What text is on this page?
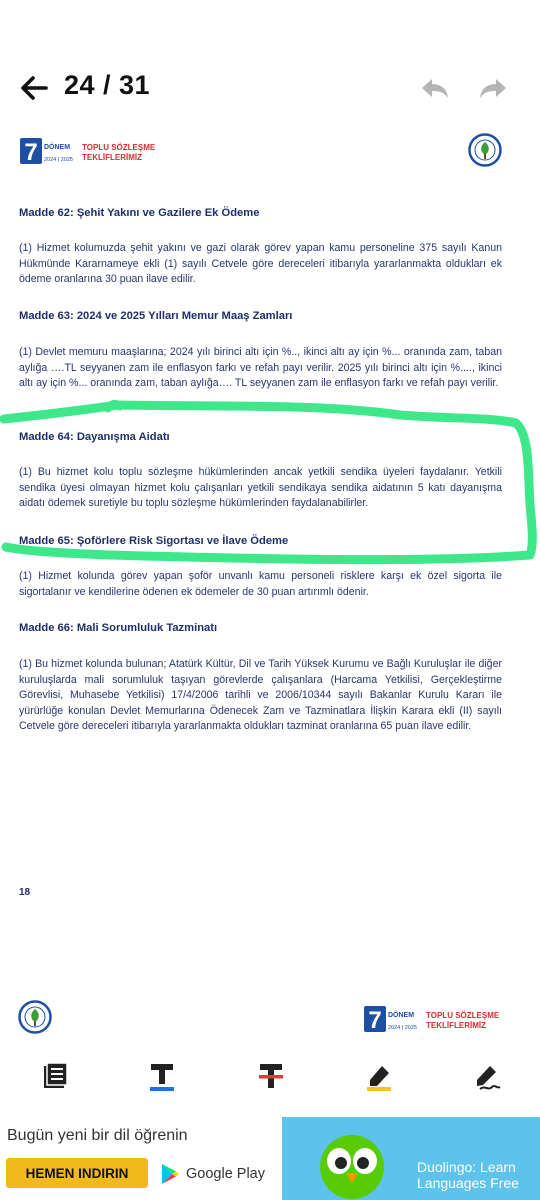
24 / 31
7 DÖNEM
2024 | 2025
TOPLU SÖZLEŞME
TEKLİFLERİMİZ
Madde 62: Şehit Yakını ve Gazilere Ek Ödeme
(1) Hizmet kolumuzda şehit yakını ve gazi olarak görev yapan kamu personeline 375 sayılı Kanun Hükmünde Kararnameye ekli (1) sayılı Cetvele göre dereceleri itibarıyla yararlanmakta oldukları ek ödeme oranlarına 30 puan ilave edilir.
Madde 63: 2024 ve 2025 Yılları Memur Maaş Zamları
(1) Devlet memuru maaşlarına; 2024 yılı birinci altı için %.., ikinci altı ay için %... oranında zam, taban aylığa ….TL seyyanen zam ile enflasyon farkı ve refah payı verilir. 2025 yılı birinci altı için %...., ikinci altı ay için %... oranında zam, taban aylığa…. TL seyyanen zam ile enflasyon farkı ve refah payı verilir.
Madde 64: Dayanışma Aidatı
(1) Bu hizmet kolu toplu sözleşme hükümlerinden ancak yetkili sendika üyeleri faydalanır. Yetkili sendika üyesi olmayan hizmet kolu çalışanları yetkili sendikaya sendika aidatının 5 katı dayanışma aidatı ödemek suretiyle bu toplu sözleşme hükümlerinden faydalanabilirler.
Madde 65: Şoförlere Risk Sigortası ve İlave Ödeme
(1) Hizmet kolunda görev yapan şoför unvanlı kamu personeli risklere karşı ek özel sigorta ile sigortalanır ve kendilerine ödenen ek ödemeler de 30 puan artırımlı ödenir.
Madde 66: Mali Sorumluluk Tazminatı
(1) Bu hizmet kolunda bulunan; Atatürk Kültür, Dil ve Tarih Yüksek Kurumu ve Bağlı Kuruluşlar ile diğer kuruluşlarda mali sorumluluk taşıyan görevlerde çalışanlara (Harcama Yetkilisi, Gerçekleştirme Görevlisi, Muhasebe Yetkilisi) 17/4/2006 tarihli ve 2006/10344 sayılı Bakanlar Kurulu Kararı ile yürürlüğe konulan Devlet Memurlarına Ödenecek Zam ve Tazminatlara İlişkin Karara ekli (II) sayılı Cetvele göre dereceleri itibarıyla yararlanmakta oldukları tazminat oranlarına 65 puan ilave edilir.
18
7 DÖNEM
2024 | 2025
TOPLU SÖZLEŞME
TEKLİFLERİMİZ
Bugün yeni bir dil öğrenin
HEMEN INDIRIN	Google Play	Duolingo: Learn Languages Free
